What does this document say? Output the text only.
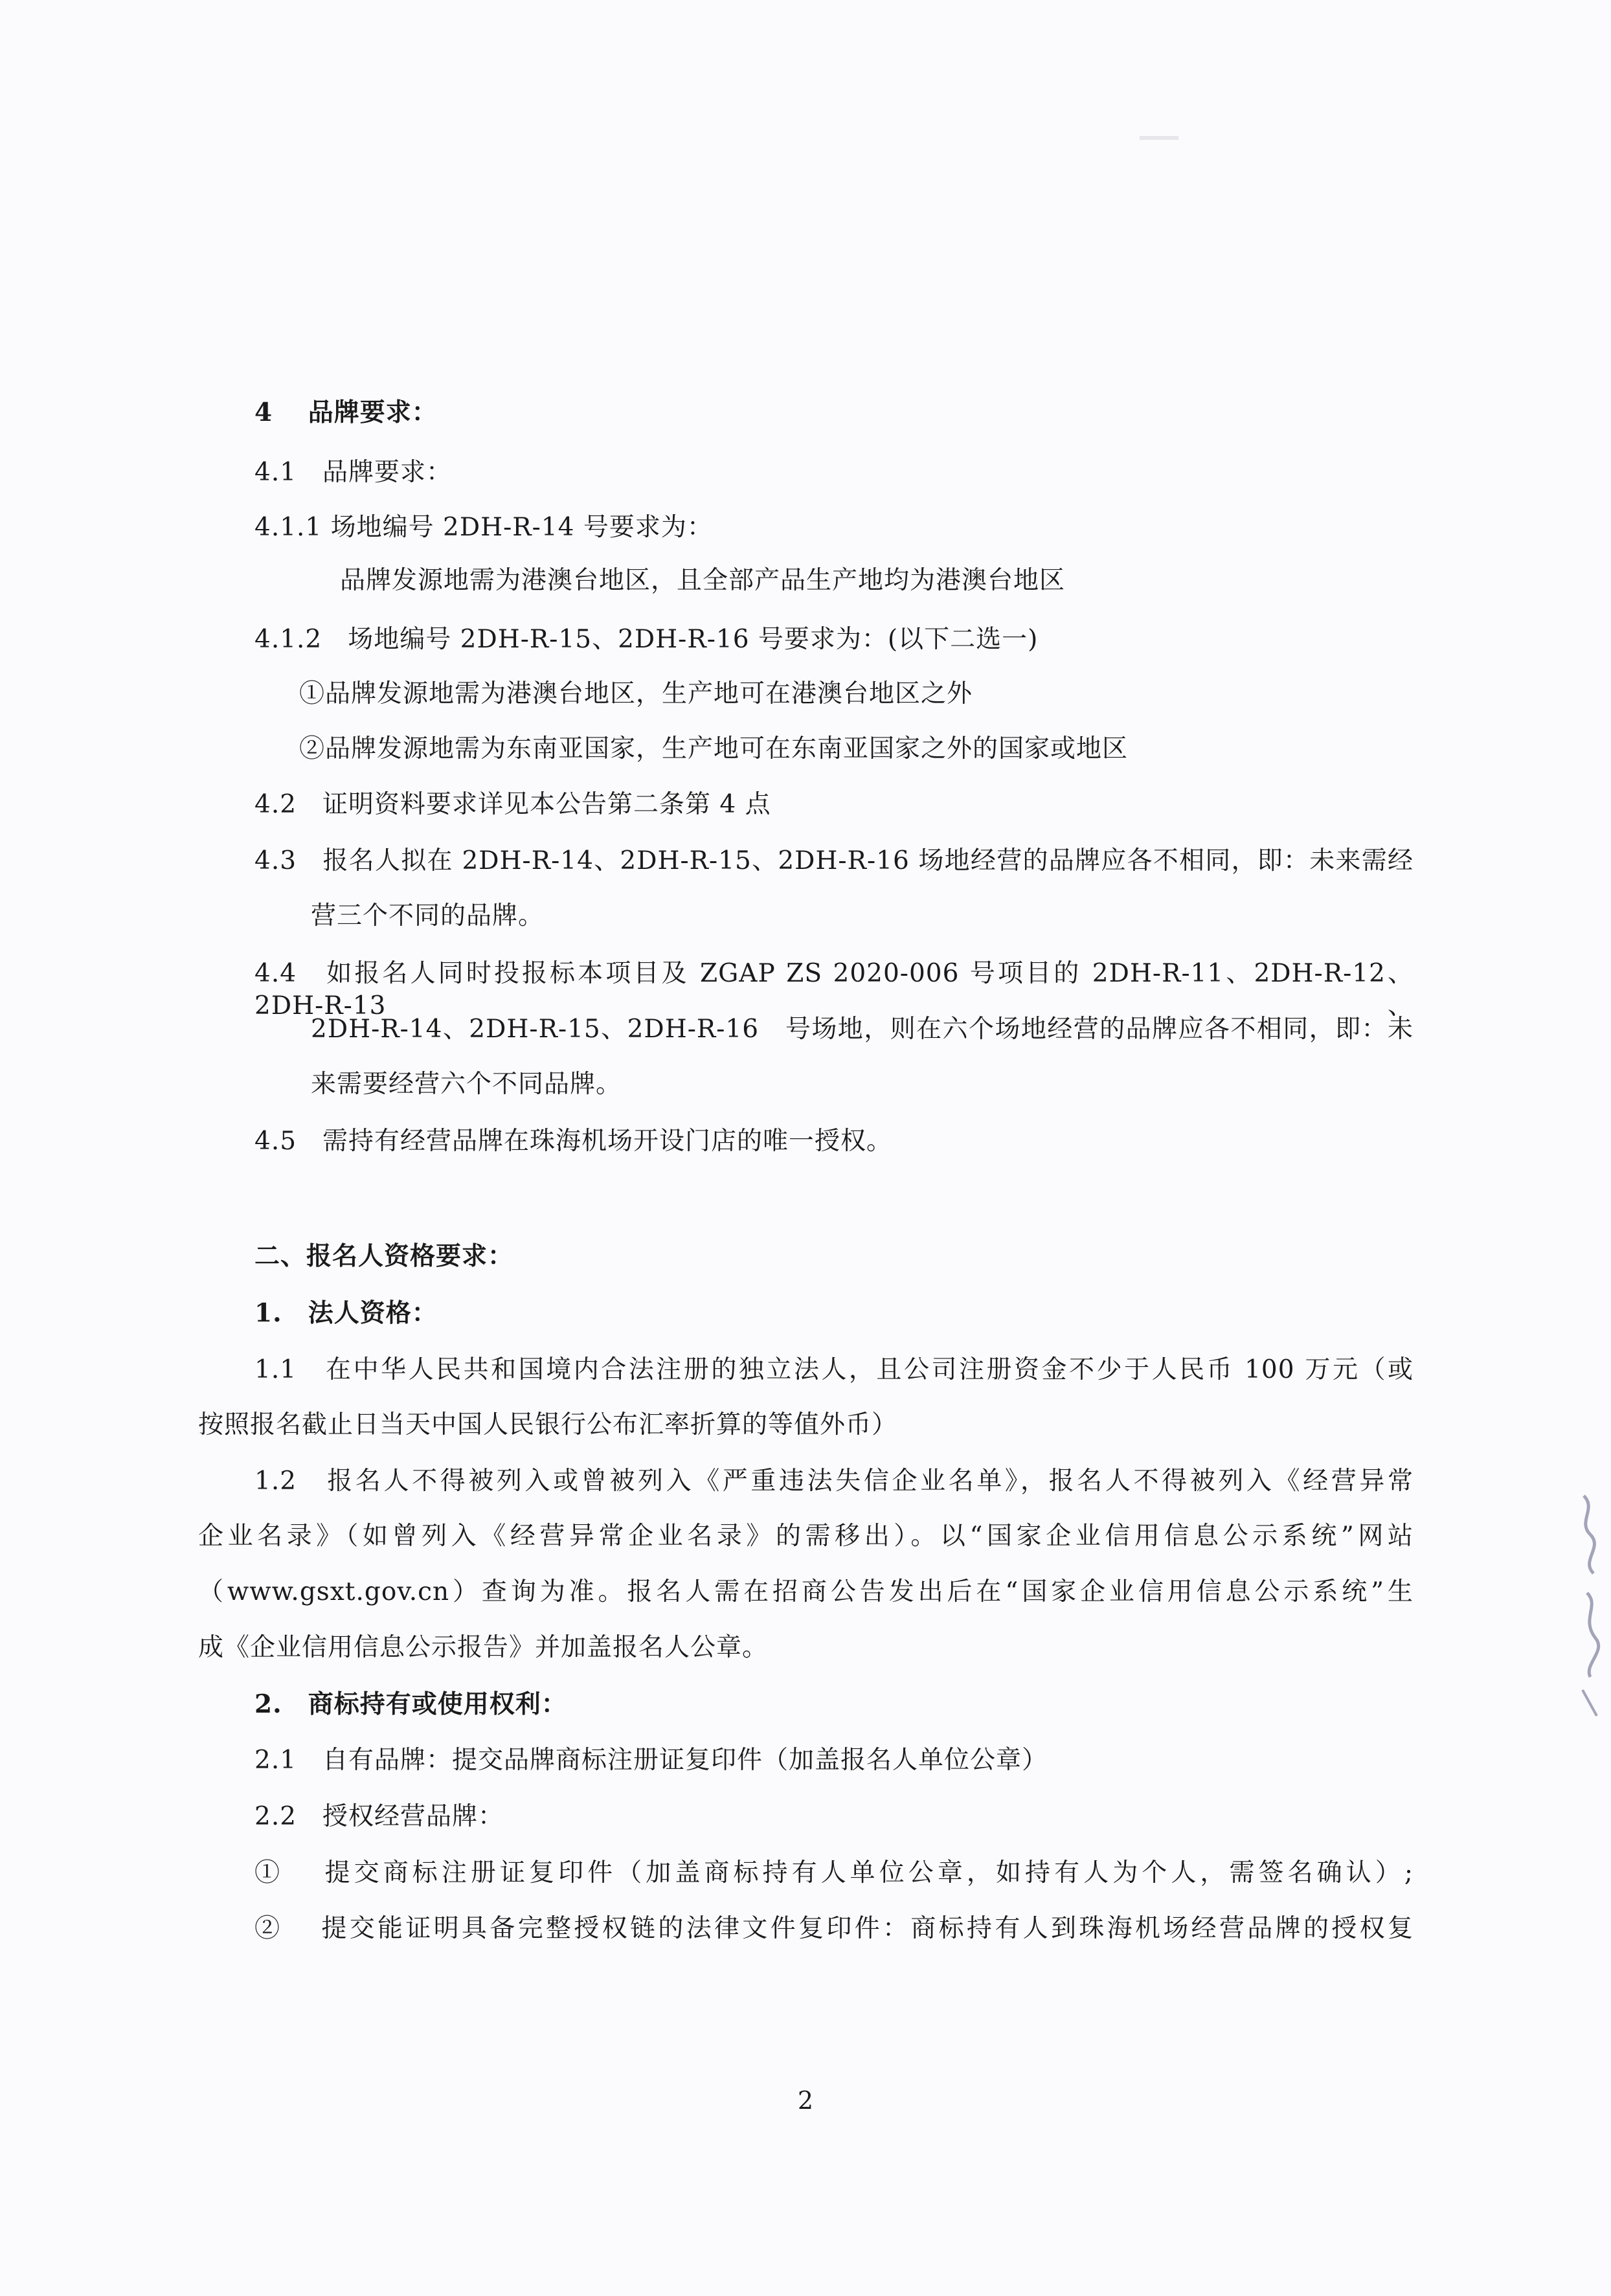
4　 品牌要求：
4.1　品牌要求：
4.1.1 场地编号 2DH-R-14 号要求为：
品牌发源地需为港澳台地区，且全部产品生产地均为港澳台地区
4.1.2　场地编号 2DH-R-15、2DH-R-16 号要求为：(以下二选一)
①品牌发源地需为港澳台地区，生产地可在港澳台地区之外
②品牌发源地需为东南亚国家，生产地可在东南亚国家之外的国家或地区
4.2　证明资料要求详见本公告第二条第 4 点
4.3　报名人拟在 2DH-R-14、2DH-R-15、2DH-R-16 场地经营的品牌应各不相同，即：未来需经
营三个不同的品牌。
4.4　如报名人同时投报标本项目及 ZGAP ZS 2020-006 号项目的 2DH-R-11、2DH-R-12、2DH-R-13、
2DH-R-14、2DH-R-15、2DH-R-16　号场地，则在六个场地经营的品牌应各不相同，即：未
来需要经营六个不同品牌。
4.5　需持有经营品牌在珠海机场开设门店的唯一授权。
二、报名人资格要求：
1.　法人资格：
1.1　在中华人民共和国境内合法注册的独立法人，且公司注册资金不少于人民币 100 万元（或
按照报名截止日当天中国人民银行公布汇率折算的等值外币）
1.2　报名人不得被列入或曾被列入《严重违法失信企业名单》，报名人不得被列入《经营异常
企业名录》（如曾列入《经营异常企业名录》的需移出）。以“国家企业信用信息公示系统”网站
（www.gsxt.gov.cn）查询为准。报名人需在招商公告发出后在“国家企业信用信息公示系统”生
成《企业信用信息公示报告》并加盖报名人公章。
2.　商标持有或使用权利：
2.1　自有品牌：提交品牌商标注册证复印件（加盖报名人单位公章）
2.2　授权经营品牌：
①　 提交商标注册证复印件（加盖商标持有人单位公章，如持有人为个人，需签名确认）;
②　 提交能证明具备完整授权链的法律文件复印件：商标持有人到珠海机场经营品牌的授权复
2
